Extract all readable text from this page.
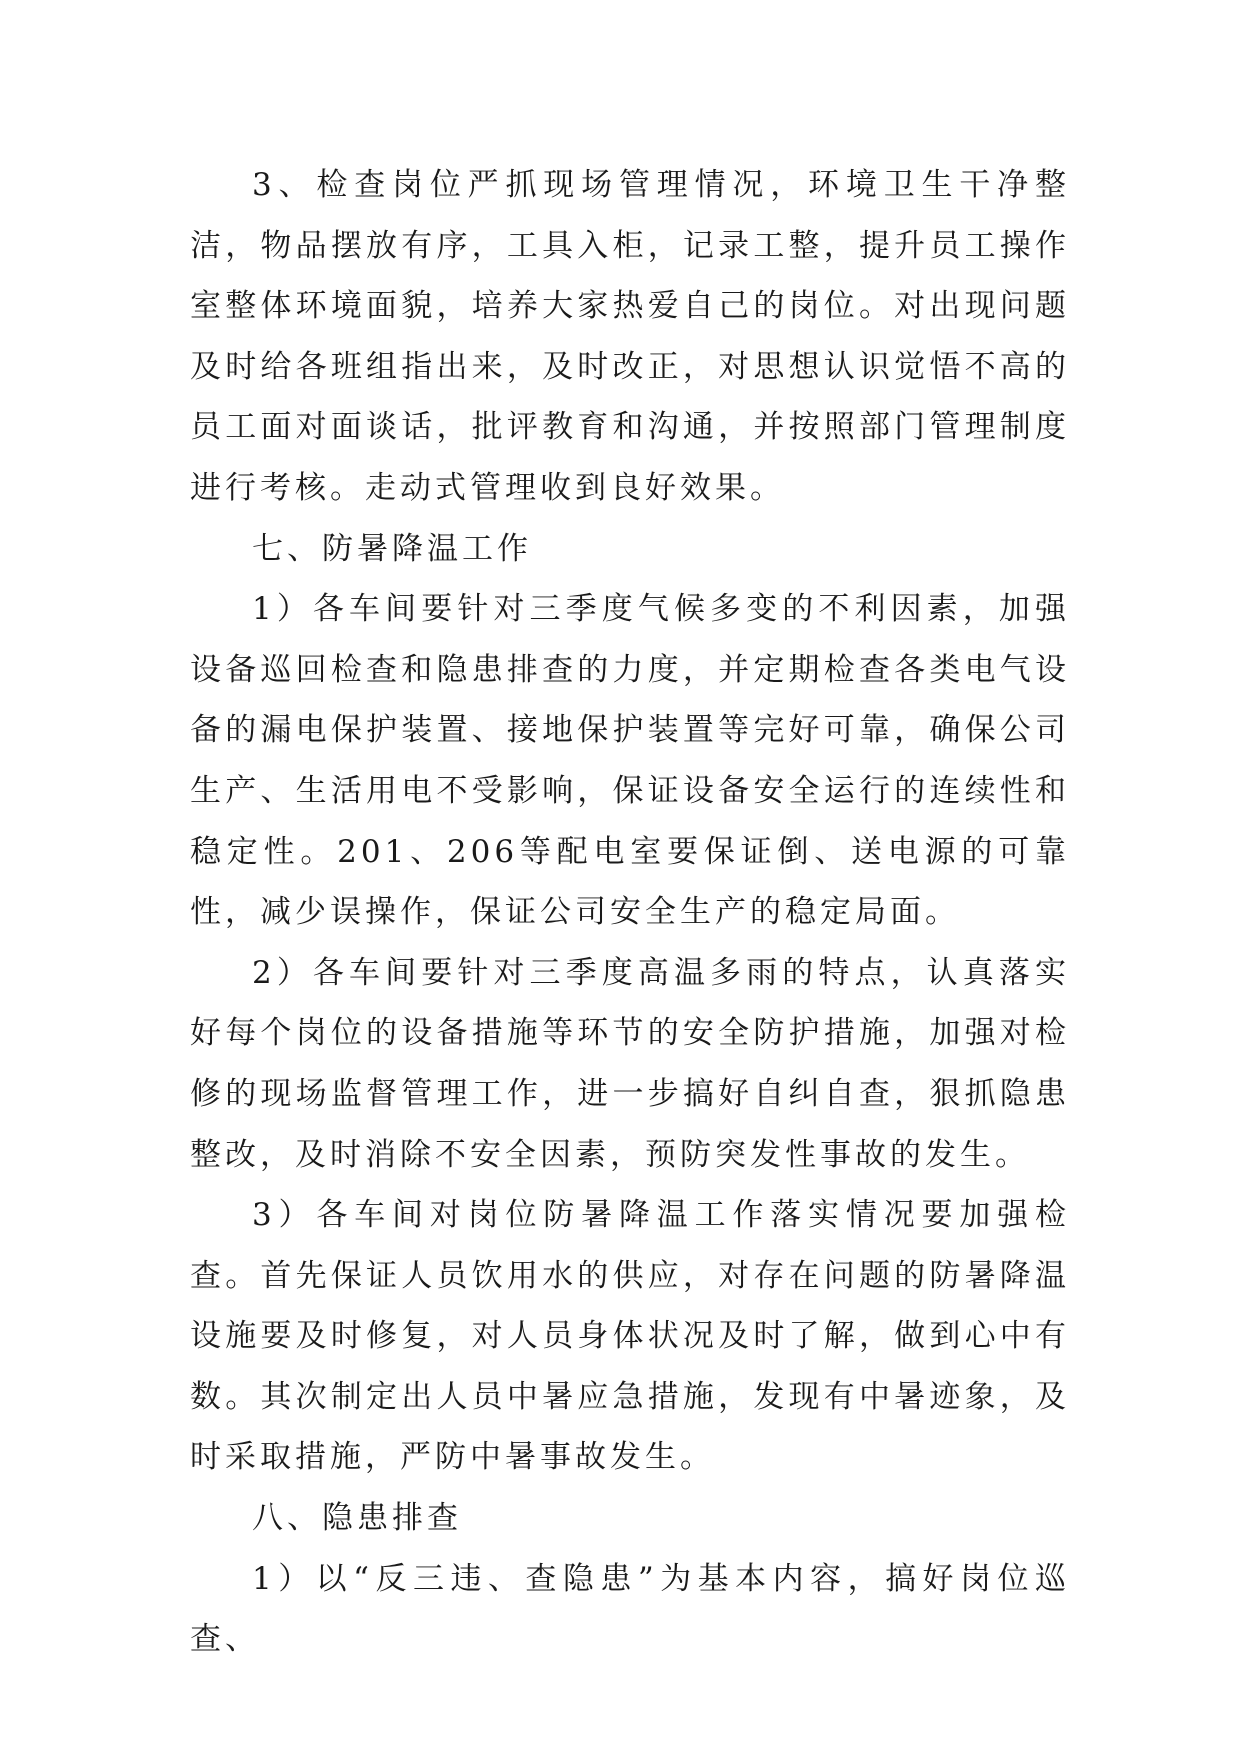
3、检查岗位严抓现场管理情况，环境卫生干净整洁，物品摆放有序，工具入柜，记录工整，提升员工操作室整体环境面貌，培养大家热爱自己的岗位。对出现问题及时给各班组指出来，及时改正，对思想认识觉悟不高的员工面对面谈话，批评教育和沟通，并按照部门管理制度进行考核。走动式管理收到良好效果。

七、防暑降温工作

1）各车间要针对三季度气候多变的不利因素，加强设备巡回检查和隐患排查的力度，并定期检查各类电气设备的漏电保护装置、接地保护装置等完好可靠，确保公司生产、生活用电不受影响，保证设备安全运行的连续性和稳定性。201、206等配电室要保证倒、送电源的可靠性，减少误操作，保证公司安全生产的稳定局面。

2）各车间要针对三季度高温多雨的特点，认真落实好每个岗位的设备措施等环节的安全防护措施，加强对检修的现场监督管理工作，进一步搞好自纠自查，狠抓隐患整改，及时消除不安全因素，预防突发性事故的发生。

3）各车间对岗位防暑降温工作落实情况要加强检查。首先保证人员饮用水的供应，对存在问题的防暑降温设施要及时修复，对人员身体状况及时了解，做到心中有数。其次制定出人员中暑应急措施，发现有中暑迹象，及时采取措施，严防中暑事故发生。

八、隐患排查

1）以“反三违、查隐患”为基本内容，搞好岗位巡查、
